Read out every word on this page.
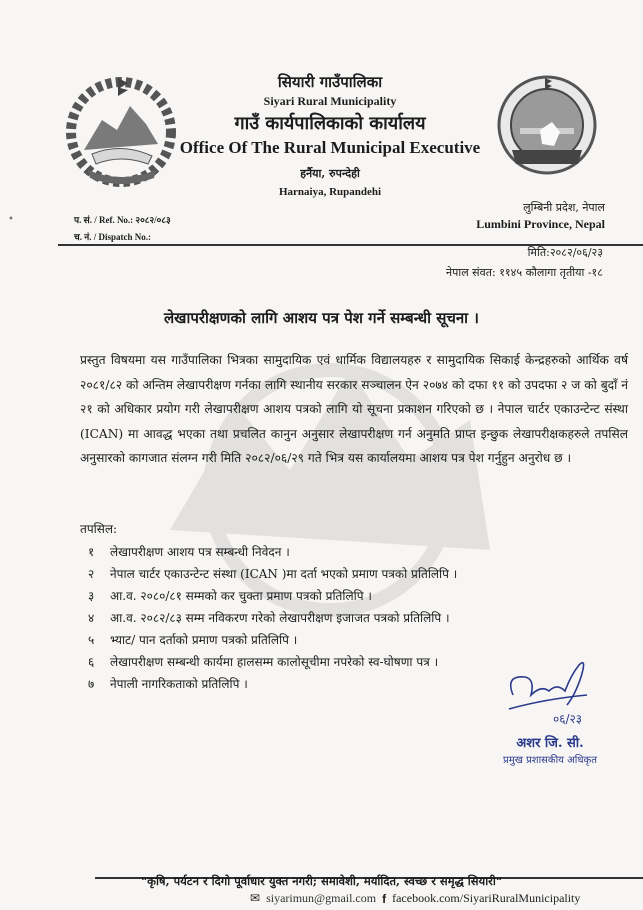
सियारी गाउँपालिका
Siyari Rural Municipality
गाउँ कार्यपालिकाको कार्यालय
Office Of The Rural Municipal Executive
हर्नैया, रुपन्देही
Harnaiya, Rupandehi
प. सं. / Ref. No.: २०८२/०८३
च. नं. / Dispatch No.:
लुम्बिनी प्रदेश, नेपाल
Lumbini Province, Nepal
मिति:२०८२/०६/२३
नेपाल संवत: ११४५ कौलागा तृतीया -१८
लेखापरीक्षणको लागि आशय पत्र पेश गर्ने सम्बन्धी सूचना ।
प्रस्तुत विषयमा यस गाउँपालिका भित्रका सामुदायिक एवं धार्मिक विद्यालयहरु र सामुदायिक सिकाई केन्द्रहरुको आर्थिक वर्ष २०८१/८२ को अन्तिम लेखापरीक्षण गर्नका लागि स्थानीय सरकार सञ्चालन ऐन २०७४ को दफा ११ को उपदफा २ ज को बुदाँ नं २१ को अधिकार प्रयोग गरी लेखापरीक्षण आशय पत्रको लागि यो सूचना प्रकाशन गरिएको छ । नेपाल चार्टर एकाउन्टेन्ट संस्था (ICAN) मा आवद्ध भएका तथा प्रचलित कानुन अनुसार लेखापरीक्षण गर्न अनुमति प्राप्त इन्छुक लेखापरीक्षकहरुले तपसिल अनुसारको कागजात संलग्न गरी मिति २०८२/०६/२९ गते भित्र यस कार्यालयमा आशय पत्र पेश गर्नुहुन अनुरोध छ ।
तपसिल:
१	लेखापरीक्षण आशय पत्र सम्बन्धी निवेदन ।
२	नेपाल चार्टर एकाउन्टेन्ट संस्था (ICAN )मा दर्ता भएको प्रमाण पत्रको प्रतिलिपि ।
३	आ.व. २०८०/८१ सम्मको कर चुक्ता प्रमाण पत्रको प्रतिलिपि ।
४	आ.व. २०८२/८३ सम्म नविकरण गरेको लेखापरीक्षण इजाजत पत्रको प्रतिलिपि ।
५	भ्याट/ पान दर्ताको प्रमाण पत्रको प्रतिलिपि ।
६	लेखापरीक्षण सम्बन्धी कार्यमा हालसम्म कालोसूचीमा नपरेको स्व-घोषणा पत्र ।
७	नेपाली नागरिकताको प्रतिलिपि ।
०६/२३
अशर जि. सी.
प्रमुख प्रशासकीय अधिकृत
"कृषि, पर्यटन र दिगो पूर्वाधार युक्त नगरी; समावेशी, मर्यादित, स्वच्छ र समृद्ध सियारी"
✉ siyarimun@gmail.com f facebook.com/SiyariRuralMunicipality
•
